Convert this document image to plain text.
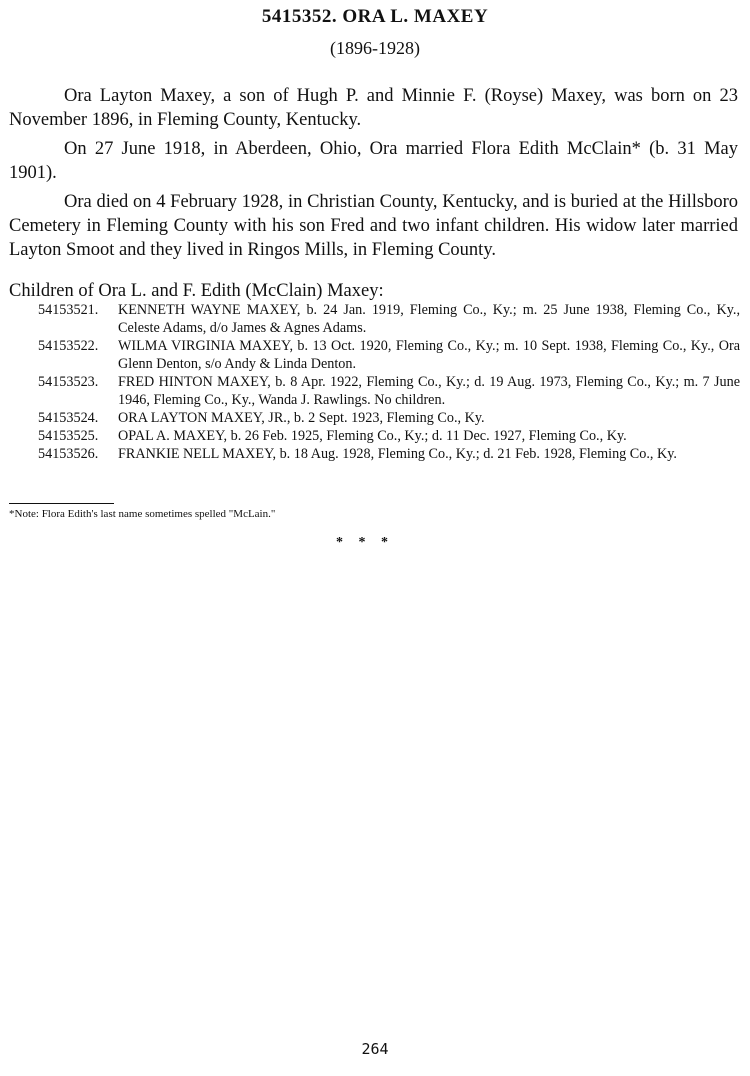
5415352. ORA L. MAXEY
(1896-1928)

Ora Layton Maxey, a son of Hugh P. and Minnie F. (Royse) Maxey, was born on 23 November 1896, in Fleming County, Kentucky.

On 27 June 1918, in Aberdeen, Ohio, Ora married Flora Edith McClain* (b. 31 May 1901).

Ora died on 4 February 1928, in Christian County, Kentucky, and is buried at the Hillsboro Cemetery in Fleming County with his son Fred and two infant children. His widow later married Layton Smoot and they lived in Ringos Mills, in Fleming County.

Children of Ora L. and F. Edith (McClain) Maxey:
54153521.	KENNETH WAYNE MAXEY, b. 24 Jan. 1919, Fleming Co., Ky.; m. 25 June 1938, Fleming Co., Ky., Celeste Adams, d/o James & Agnes Adams.
54153522.	WILMA VIRGINIA MAXEY, b. 13 Oct. 1920, Fleming Co., Ky.; m. 10 Sept. 1938, Fleming Co., Ky., Ora Glenn Denton, s/o Andy & Linda Denton.
54153523.	FRED HINTON MAXEY, b. 8 Apr. 1922, Fleming Co., Ky.; d. 19 Aug. 1973, Fleming Co., Ky.; m. 7 June 1946, Fleming Co., Ky., Wanda J. Rawlings. No children.
54153524.	ORA LAYTON MAXEY, JR., b. 2 Sept. 1923, Fleming Co., Ky.
54153525.	OPAL A. MAXEY, b. 26 Feb. 1925, Fleming Co., Ky.; d. 11 Dec. 1927, Fleming Co., Ky.
54153526.	FRANKIE NELL MAXEY, b. 18 Aug. 1928, Fleming Co., Ky.; d. 21 Feb. 1928, Fleming Co., Ky.
*Note: Flora Edith's last name sometimes spelled "McLain."
* * *
264
